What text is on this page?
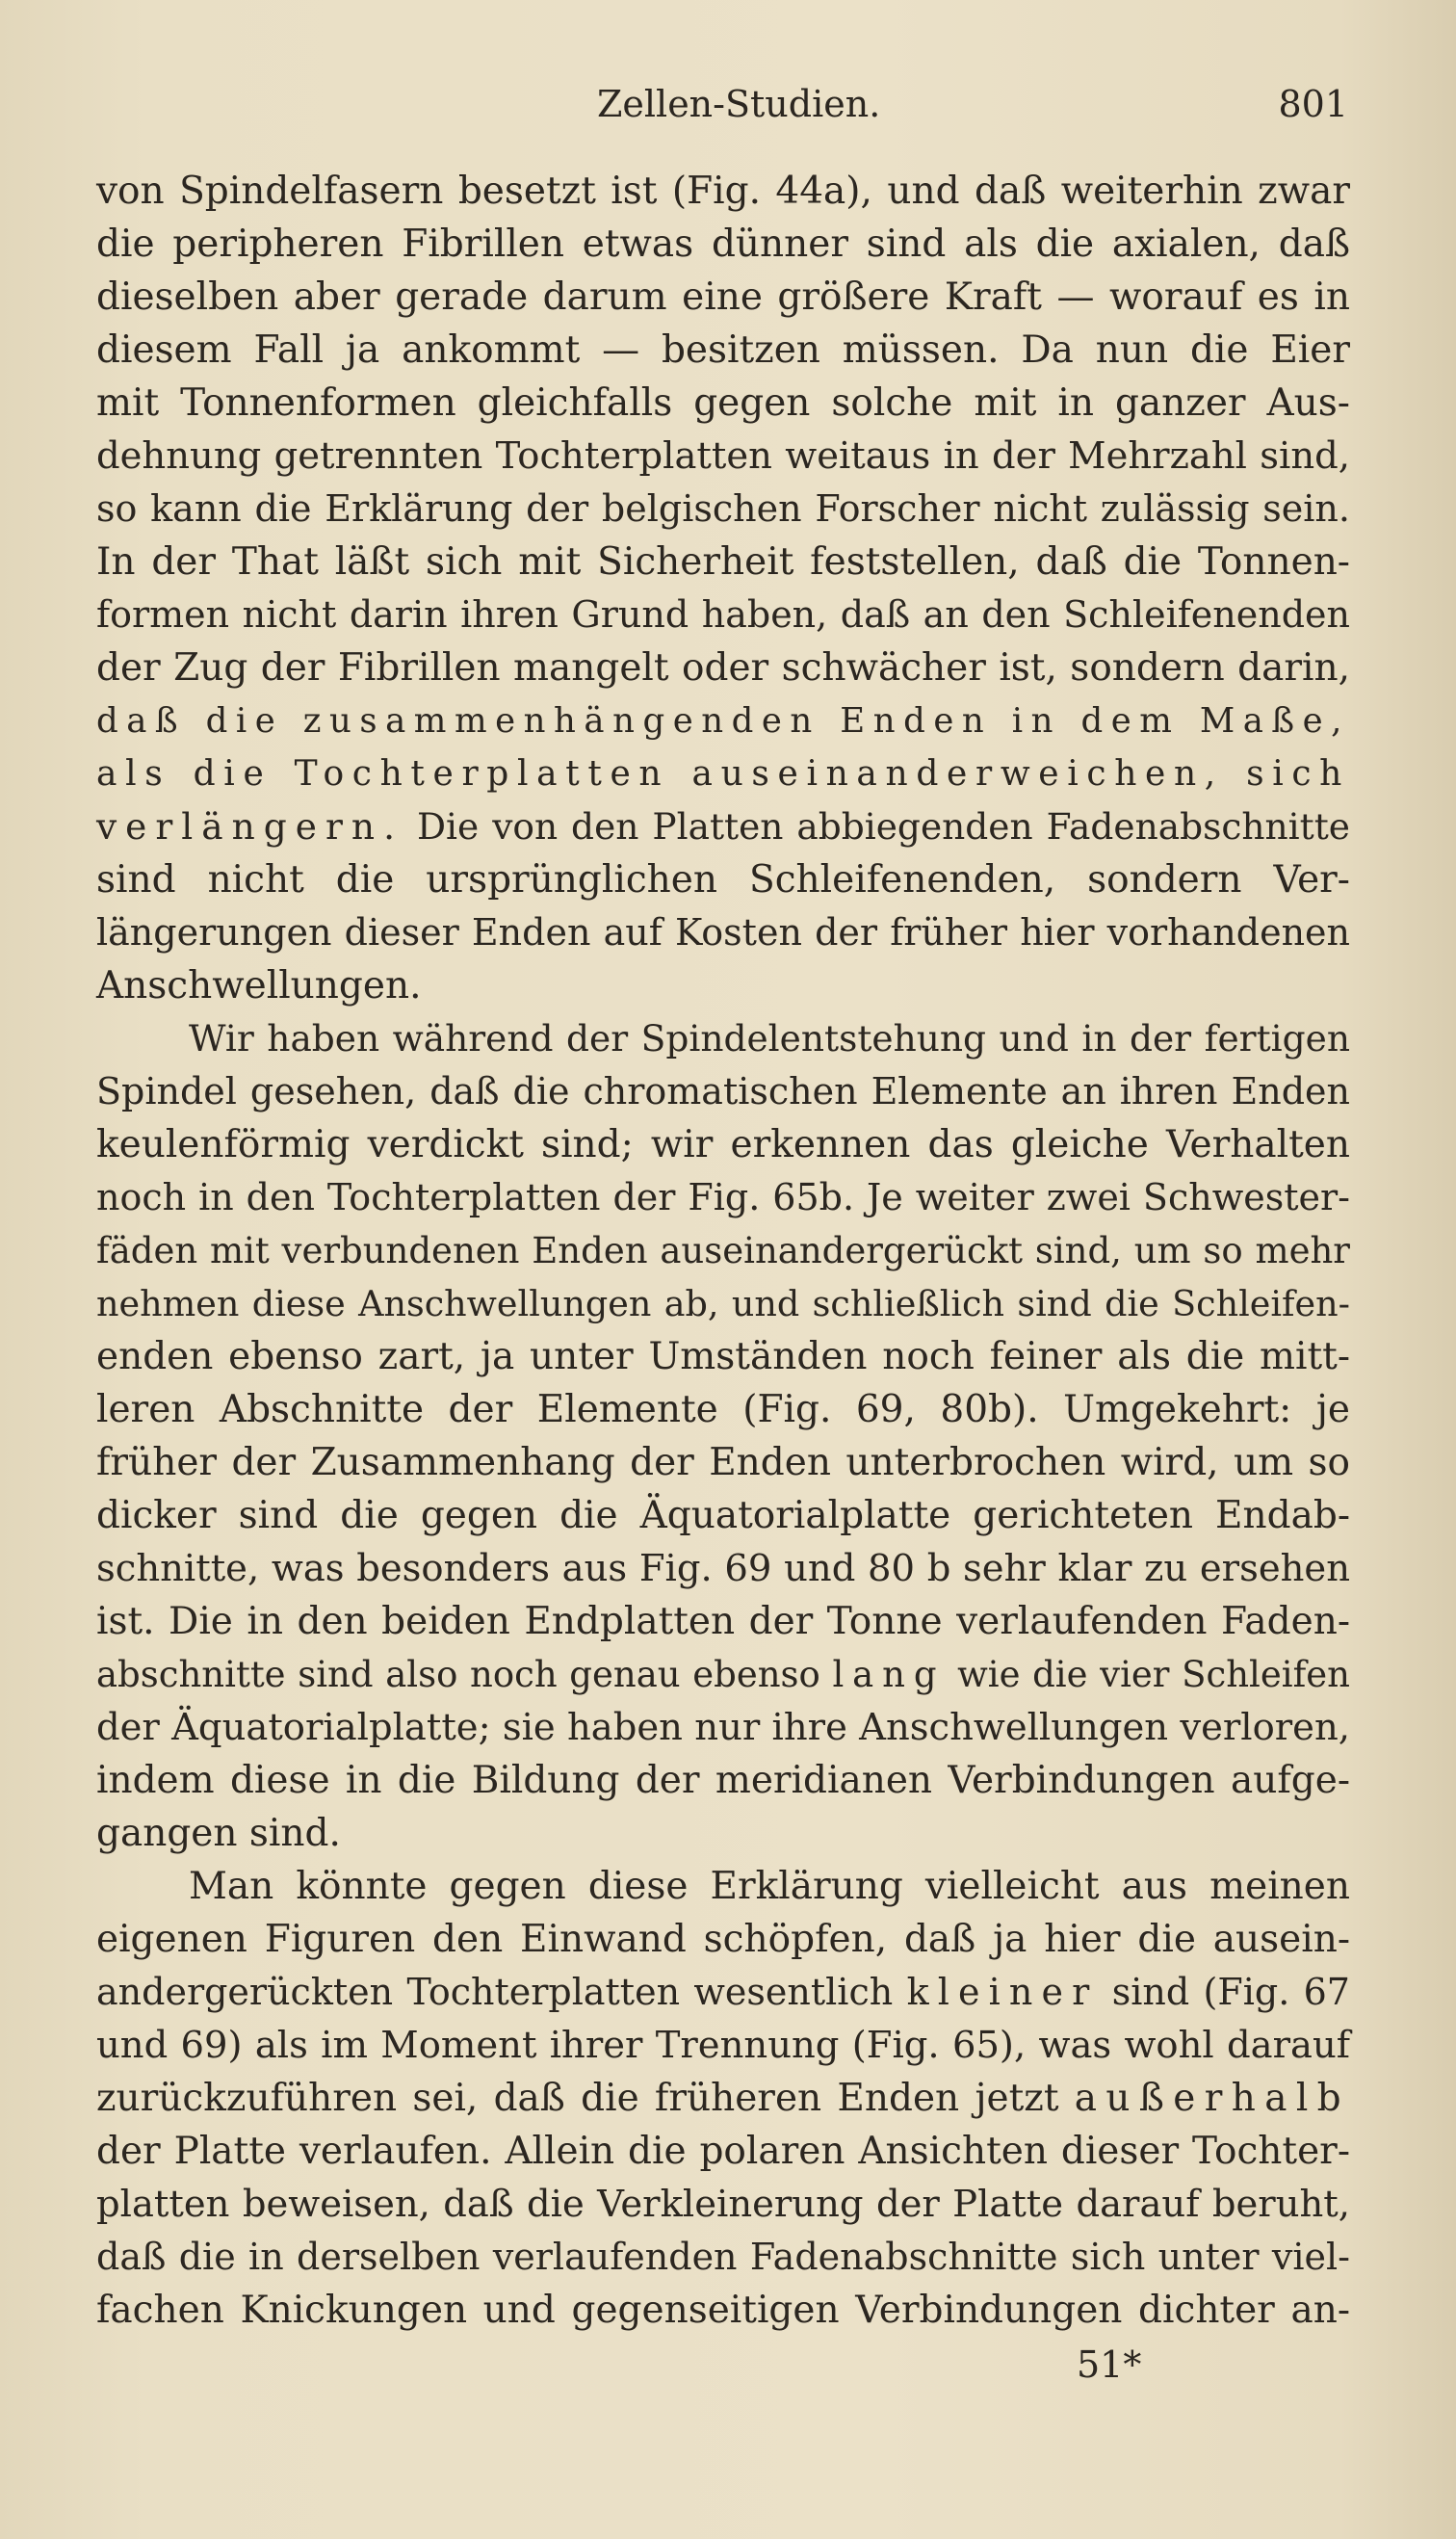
Zellen-Studien.	801
von Spindelfasern besetzt ist (Fig. 44a), und daß weiterhin zwar
die peripheren Fibrillen etwas dünner sind als die axialen, daß
dieselben aber gerade darum eine größere Kraft — worauf es in
diesem Fall ja ankommt — besitzen müssen. Da nun die Eier
mit Tonnenformen gleichfalls gegen solche mit in ganzer Aus-
dehnung getrennten Tochterplatten weitaus in der Mehrzahl sind,
so kann die Erklärung der belgischen Forscher nicht zulässig sein.
In der That läßt sich mit Sicherheit feststellen, daß die Tonnen-
formen nicht darin ihren Grund haben, daß an den Schleifenenden
der Zug der Fibrillen mangelt oder schwächer ist, sondern darin,
daß die zusammenhängenden Enden in dem Maße,
als die Tochterplatten auseinanderweichen, sich
verlängern. Die von den Platten abbiegenden Fadenabschnitte
sind nicht die ursprünglichen Schleifenenden, sondern Ver-
längerungen dieser Enden auf Kosten der früher hier vorhandenen
Anschwellungen.
Wir haben während der Spindelentstehung und in der fertigen
Spindel gesehen, daß die chromatischen Elemente an ihren Enden
keulenförmig verdickt sind; wir erkennen das gleiche Verhalten
noch in den Tochterplatten der Fig. 65b. Je weiter zwei Schwester-
fäden mit verbundenen Enden auseinandergerückt sind, um so mehr
nehmen diese Anschwellungen ab, und schließlich sind die Schleifen-
enden ebenso zart, ja unter Umständen noch feiner als die mitt-
leren Abschnitte der Elemente (Fig. 69, 80b). Umgekehrt: je
früher der Zusammenhang der Enden unterbrochen wird, um so
dicker sind die gegen die Äquatorialplatte gerichteten Endab-
schnitte, was besonders aus Fig. 69 und 80 b sehr klar zu ersehen
ist. Die in den beiden Endplatten der Tonne verlaufenden Faden-
abschnitte sind also noch genau ebenso lang wie die vier Schleifen
der Äquatorialplatte; sie haben nur ihre Anschwellungen verloren,
indem diese in die Bildung der meridianen Verbindungen aufge-
gangen sind.
Man könnte gegen diese Erklärung vielleicht aus meinen
eigenen Figuren den Einwand schöpfen, daß ja hier die ausein-
andergerückten Tochterplatten wesentlich kleiner sind (Fig. 67
und 69) als im Moment ihrer Trennung (Fig. 65), was wohl darauf
zurückzuführen sei, daß die früheren Enden jetzt außerhalb
der Platte verlaufen. Allein die polaren Ansichten dieser Tochter-
platten beweisen, daß die Verkleinerung der Platte darauf beruht,
daß die in derselben verlaufenden Fadenabschnitte sich unter viel-
fachen Knickungen und gegenseitigen Verbindungen dichter an-
51*
